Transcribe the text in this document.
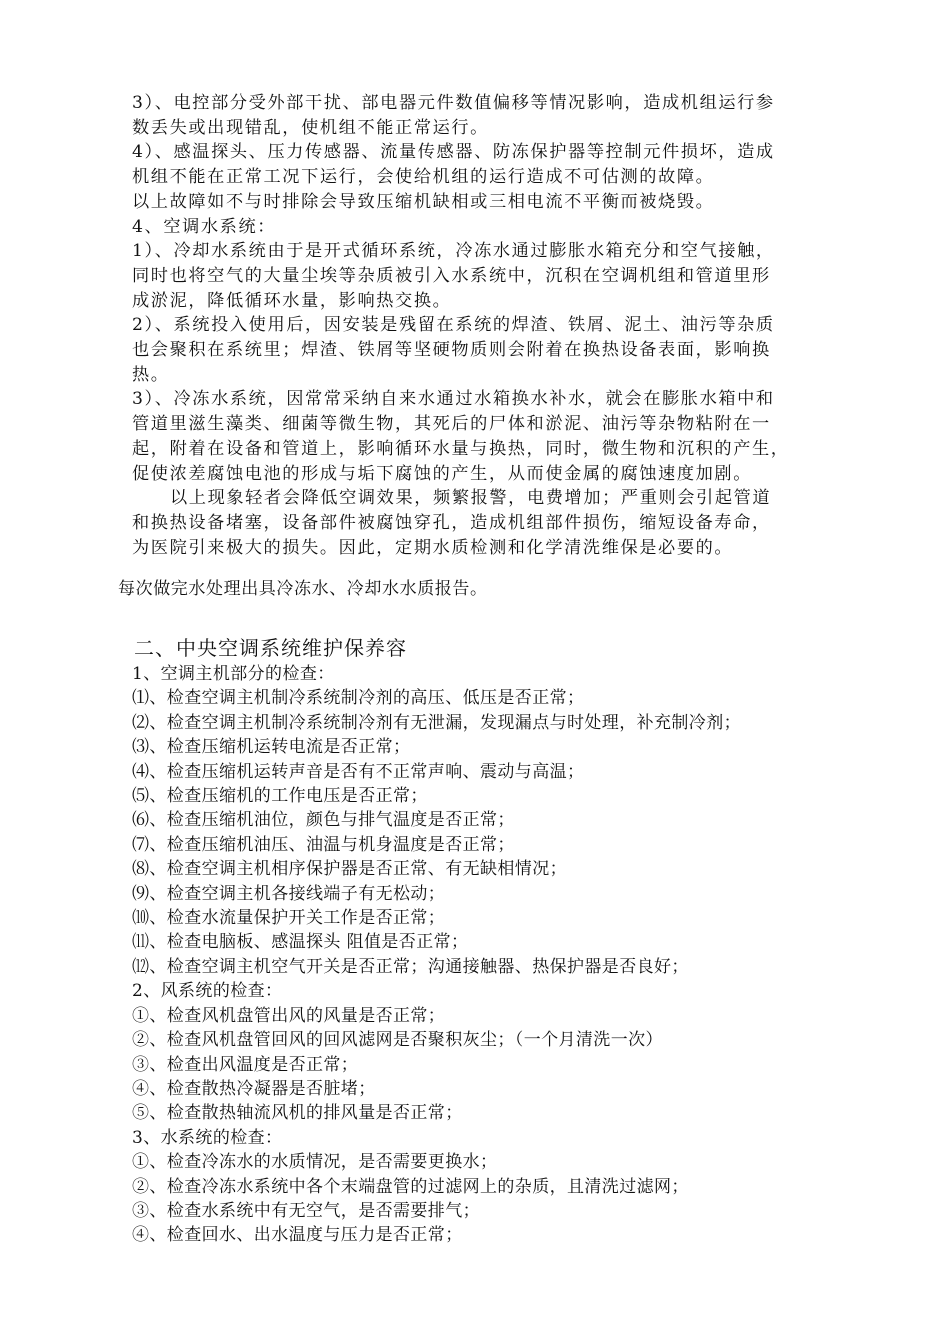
3）、电控部分受外部干扰、部电器元件数值偏移等情况影响，造成机组运行参
数丢失或出现错乱，使机组不能正常运行。
4）、感温探头、压力传感器、流量传感器、防冻保护器等控制元件损坏，造成
机组不能在正常工况下运行，会使给机组的运行造成不可估测的故障。
以上故障如不与时排除会导致压缩机缺相或三相电流不平衡而被烧毁。
4、空调水系统：
1）、冷却水系统由于是开式循环系统，冷冻水通过膨胀水箱充分和空气接触，
同时也将空气的大量尘埃等杂质被引入水系统中，沉积在空调机组和管道里形
成淤泥，降低循环水量，影响热交换。
2）、系统投入使用后，因安装是残留在系统的焊渣、铁屑、泥土、油污等杂质
也会聚积在系统里；焊渣、铁屑等坚硬物质则会附着在换热设备表面，影响换
热。
3）、冷冻水系统，因常常采纳自来水通过水箱换水补水，就会在膨胀水箱中和
管道里滋生藻类、细菌等微生物，其死后的尸体和淤泥、油污等杂物粘附在一
起，附着在设备和管道上，影响循环水量与换热，同时，微生物和沉积的产生，
促使浓差腐蚀电池的形成与垢下腐蚀的产生，从而使金属的腐蚀速度加剧。
以上现象轻者会降低空调效果，频繁报警，电费增加；严重则会引起管道
和换热设备堵塞，设备部件被腐蚀穿孔，造成机组部件损伤，缩短设备寿命，
为医院引来极大的损失。因此，定期水质检测和化学清洗维保是必要的。
每次做完水处理出具冷冻水、冷却水水质报告。
二、中央空调系统维护保养容
1、空调主机部分的检查：
⑴、检查空调主机制冷系统制冷剂的高压、低压是否正常；
⑵、检查空调主机制冷系统制冷剂有无泄漏，发现漏点与时处理，补充制冷剂；
⑶、检查压缩机运转电流是否正常；
⑷、检查压缩机运转声音是否有不正常声响、震动与高温；
⑸、检查压缩机的工作电压是否正常；
⑹、检查压缩机油位，颜色与排气温度是否正常；
⑺、检查压缩机油压、油温与机身温度是否正常；
⑻、检查空调主机相序保护器是否正常、有无缺相情况；
⑼、检查空调主机各接线端子有无松动；
⑽、检查水流量保护开关工作是否正常；
⑾、检查电脑板、感温探头 阻值是否正常；
⑿、检查空调主机空气开关是否正常；沟通接触器、热保护器是否良好；
2、风系统的检查：
①、检查风机盘管出风的风量是否正常；
②、检查风机盘管回风的回风滤网是否聚积灰尘；（一个月清洗一次）
③、检查出风温度是否正常；
④、检查散热冷凝器是否脏堵；
⑤、检查散热轴流风机的排风量是否正常；
3、水系统的检查：
①、检查冷冻水的水质情况，是否需要更换水；
②、检查冷冻水系统中各个末端盘管的过滤网上的杂质，且清洗过滤网；
③、检查水系统中有无空气，是否需要排气；
④、检查回水、出水温度与压力是否正常；
